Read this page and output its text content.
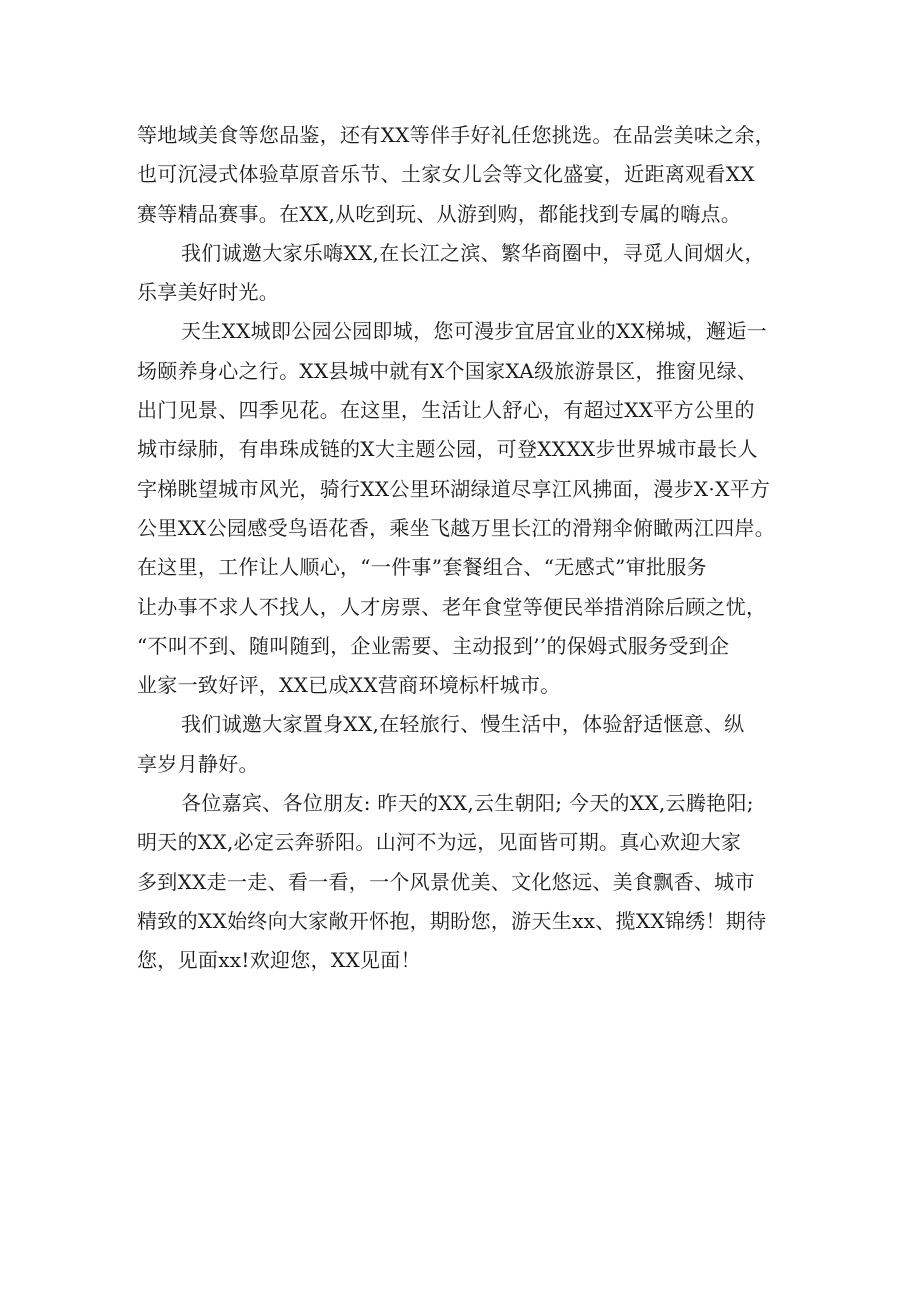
等地域美食等您品鉴，还有XX等伴手好礼任您挑选。在品尝美味之余，
也可沉浸式体验草原音乐节、土家女儿会等文化盛宴，近距离观看XX
赛等精品赛事。在XX,从吃到玩、从游到购，都能找到专属的嗨点。

我们诚邀大家乐嗨XX,在长江之滨、繁华商圈中，寻觅人间烟火，
乐享美好时光。

天生XX城即公园公园即城，您可漫步宜居宜业的XX梯城，邂逅一
场颐养身心之行。XX县城中就有X个国家XA级旅游景区，推窗见绿、
出门见景、四季见花。在这里，生活让人舒心，有超过XX平方公里的
城市绿肺，有串珠成链的X大主题公园，可登XXXX步世界城市最长人
字梯眺望城市风光，骑行XX公里环湖绿道尽享江风拂面，漫步X·X平方
公里XX公园感受鸟语花香，乘坐飞越万里长江的滑翔伞俯瞰两江四岸。
在这里，工作让人顺心，“一件事”套餐组合、“无感式”审批服务
让办事不求人不找人，人才房票、老年食堂等便民举措消除后顾之忧，
“不叫不到、随叫随到，企业需要、主动报到’’的保姆式服务受到企
业家一致好评，XX已成XX营商环境标杆城市。

我们诚邀大家置身XX,在轻旅行、慢生活中，体验舒适惬意、纵
享岁月静好。

各位嘉宾、各位朋友: 昨天的XX,云生朝阳; 今天的XX,云腾艳阳;
明天的XX,必定云奔骄阳。山河不为远，见面皆可期。真心欢迎大家
多到XX走一走、看一看，一个风景优美、文化悠远、美食飘香、城市
精致的XX始终向大家敞开怀抱，期盼您，游天生xx、揽XX锦绣！期待
您，见面xx!欢迎您，XX见面！
